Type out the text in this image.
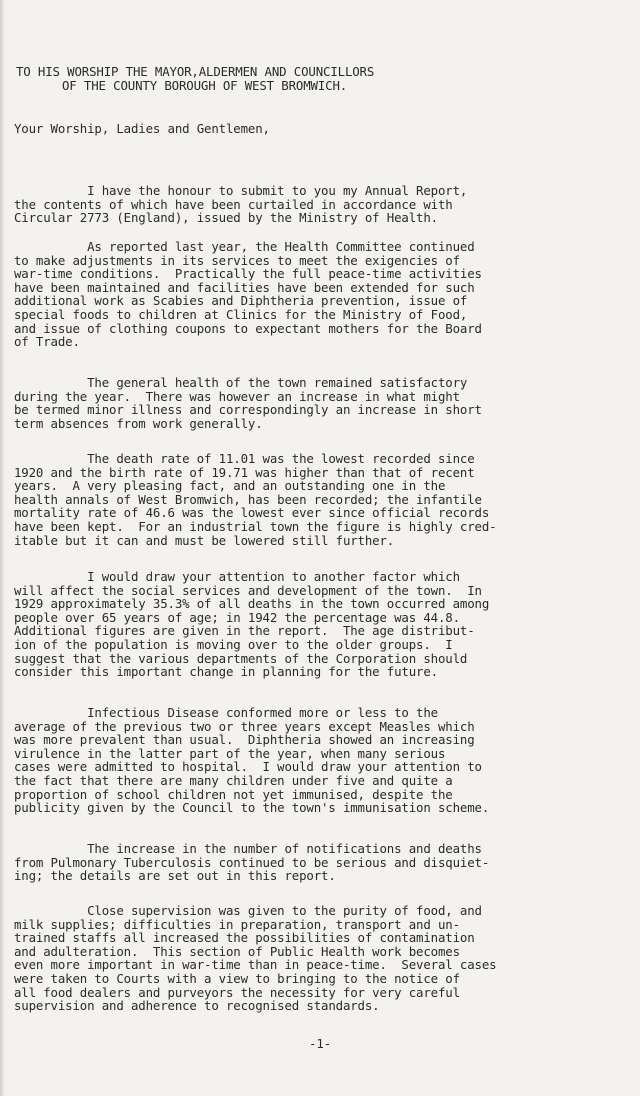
TO HIS WORSHIP THE MAYOR,ALDERMEN AND COUNCILLORS
OF THE COUNTY BOROUGH OF WEST BROMWICH.
Your Worship, Ladies and Gentlemen,

I have the honour to submit to you my Annual Report,

the contents of which have been curtailed in accordance with

Circular 2773 (England), issued by the Ministry of Health.

As reported last year, the Health Committee continued

to make adjustments in its services to meet the exigencies of

war-time conditions.  Practically the full peace-time activities

have been maintained and facilities have been extended for such

additional work as Scabies and Diphtheria prevention, issue of

special foods to children at Clinics for the Ministry of Food,

and issue of clothing coupons to expectant mothers for the Board

of Trade.

The general health of the town remained satisfactory

during the year.  There was however an increase in what might

be termed minor illness and correspondingly an increase in short

term absences from work generally.

The death rate of 11.01 was the lowest recorded since

1920 and the birth rate of 19.71 was higher than that of recent

years.  A very pleasing fact, and an outstanding one in the

health annals of West Bromwich, has been recorded; the infantile

mortality rate of 46.6 was the lowest ever since official records

have been kept.  For an industrial town the figure is highly cred-

itable but it can and must be lowered still further.

I would draw your attention to another factor which

will affect the social services and development of the town.  In

1929 approximately 35.3% of all deaths in the town occurred among

people over 65 years of age; in 1942 the percentage was 44.8.

Additional figures are given in the report.  The age distribut-

ion of the population is moving over to the older groups.  I

suggest that the various departments of the Corporation should

consider this important change in planning for the future.

Infectious Disease conformed more or less to the

average of the previous two or three years except Measles which

was more prevalent than usual.  Diphtheria showed an increasing

virulence in the latter part of the year, when many serious

cases were admitted to hospital.  I would draw your attention to

the fact that there are many children under five and quite a

proportion of school children not yet immunised, despite the

publicity given by the Council to the town's immunisation scheme.

The increase in the number of notifications and deaths

from Pulmonary Tuberculosis continued to be serious and disquiet-

ing; the details are set out in this report.

Close supervision was given to the purity of food, and

milk supplies; difficulties in preparation, transport and un-

trained staffs all increased the possibilities of contamination

and adulteration.  This section of Public Health work becomes

even more important in war-time than in peace-time.  Several cases

were taken to Courts with a view to bringing to the notice of

all food dealers and purveyors the necessity for very careful

supervision and adherence to recognised standards.

-1-
